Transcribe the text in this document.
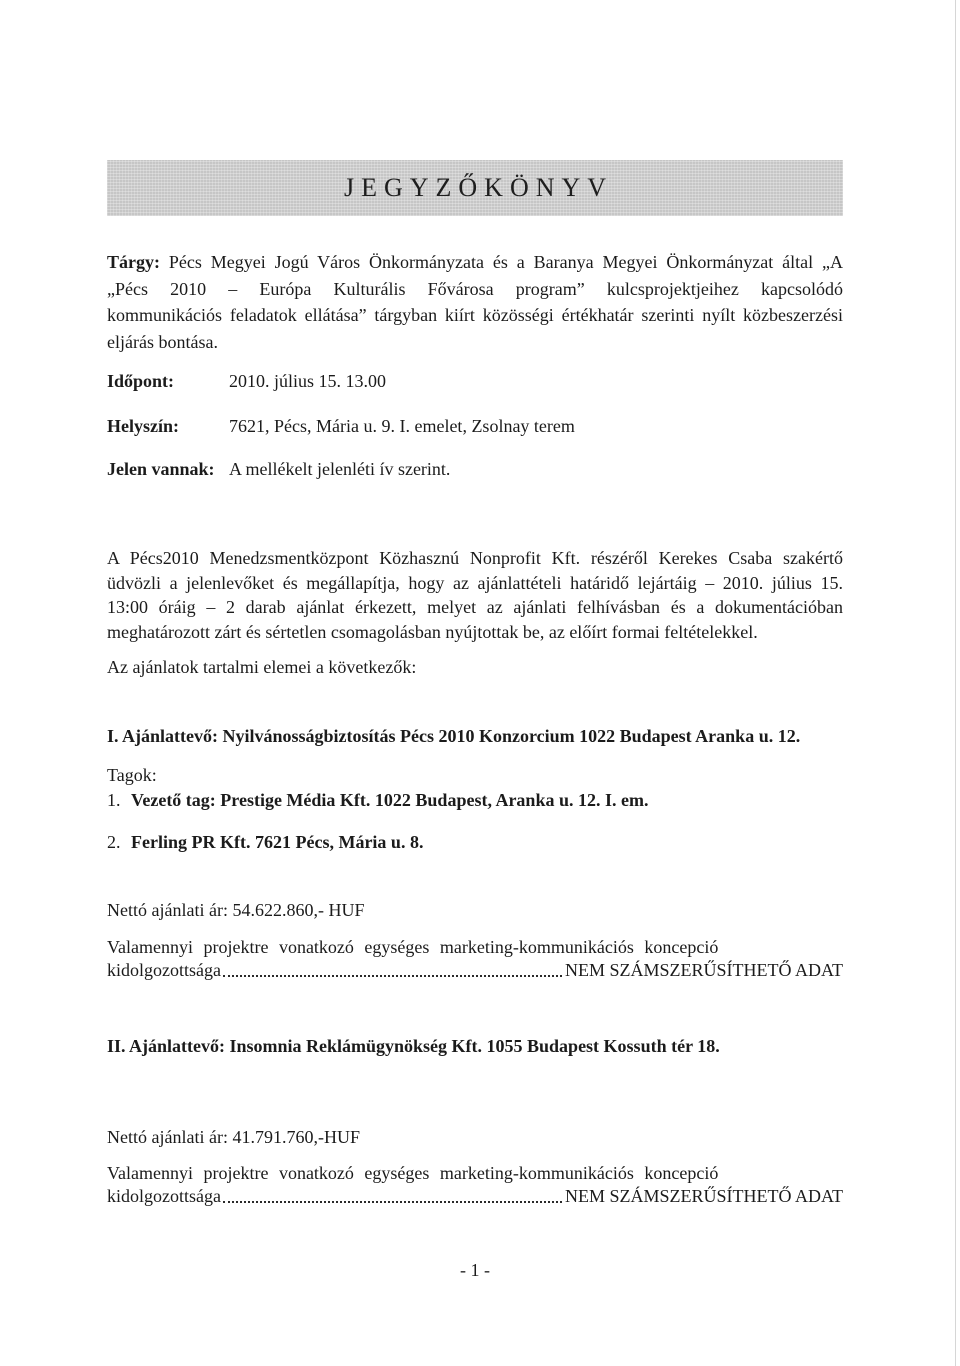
JEGYZŐKÖNYV
Tárgy: Pécs Megyei Jogú Város Önkormányzata és a Baranya Megyei Önkormányzat által „A
„Pécs 2010 – Európa Kulturális Fővárosa program” kulcsprojektjeihez kapcsolódó
kommunikációs feladatok ellátása” tárgyban kiírt közösségi értékhatár szerinti nyílt közbeszerzési
eljárás bontása.
Időpont:	2010. július 15. 13.00
Helyszín:	7621, Pécs, Mária u. 9. I. emelet, Zsolnay terem
Jelen vannak: A mellékelt jelenléti ív szerint.
A Pécs2010 Menedzsmentközpont Közhasznú Nonprofit Kft. részéről Kerekes Csaba szakértő
üdvözli a jelenlevőket és megállapítja, hogy az ajánlattételi határidő lejártáig – 2010. július 15.
13:00 óráig – 2 darab ajánlat érkezett, melyet az ajánlati felhívásban és a dokumentációban
meghatározott zárt és sértetlen csomagolásban nyújtottak be, az előírt formai feltételekkel.
Az ajánlatok tartalmi elemei a következők:
I. Ajánlattevő: Nyilvánosságbiztosítás Pécs 2010 Konzorcium 1022 Budapest Aranka u. 12.
Tagok:
1. Vezető tag: Prestige Média Kft. 1022 Budapest, Aranka u. 12. I. em.
2. Ferling PR Kft. 7621 Pécs, Mária u. 8.
Nettó ajánlati ár: 54.622.860,- HUF
Valamennyi projektre vonatkozó egységes marketing-kommunikációs koncepció
kidolgozottsága	NEM SZÁMSZERŰSÍTHETŐ ADAT
II. Ajánlattevő: Insomnia Reklámügynökség Kft. 1055 Budapest Kossuth tér 18.
Nettó ajánlati ár: 41.791.760,-HUF
Valamennyi projektre vonatkozó egységes marketing-kommunikációs koncepció
kidolgozottsága	NEM SZÁMSZERŰSÍTHETŐ ADAT
- 1 -
